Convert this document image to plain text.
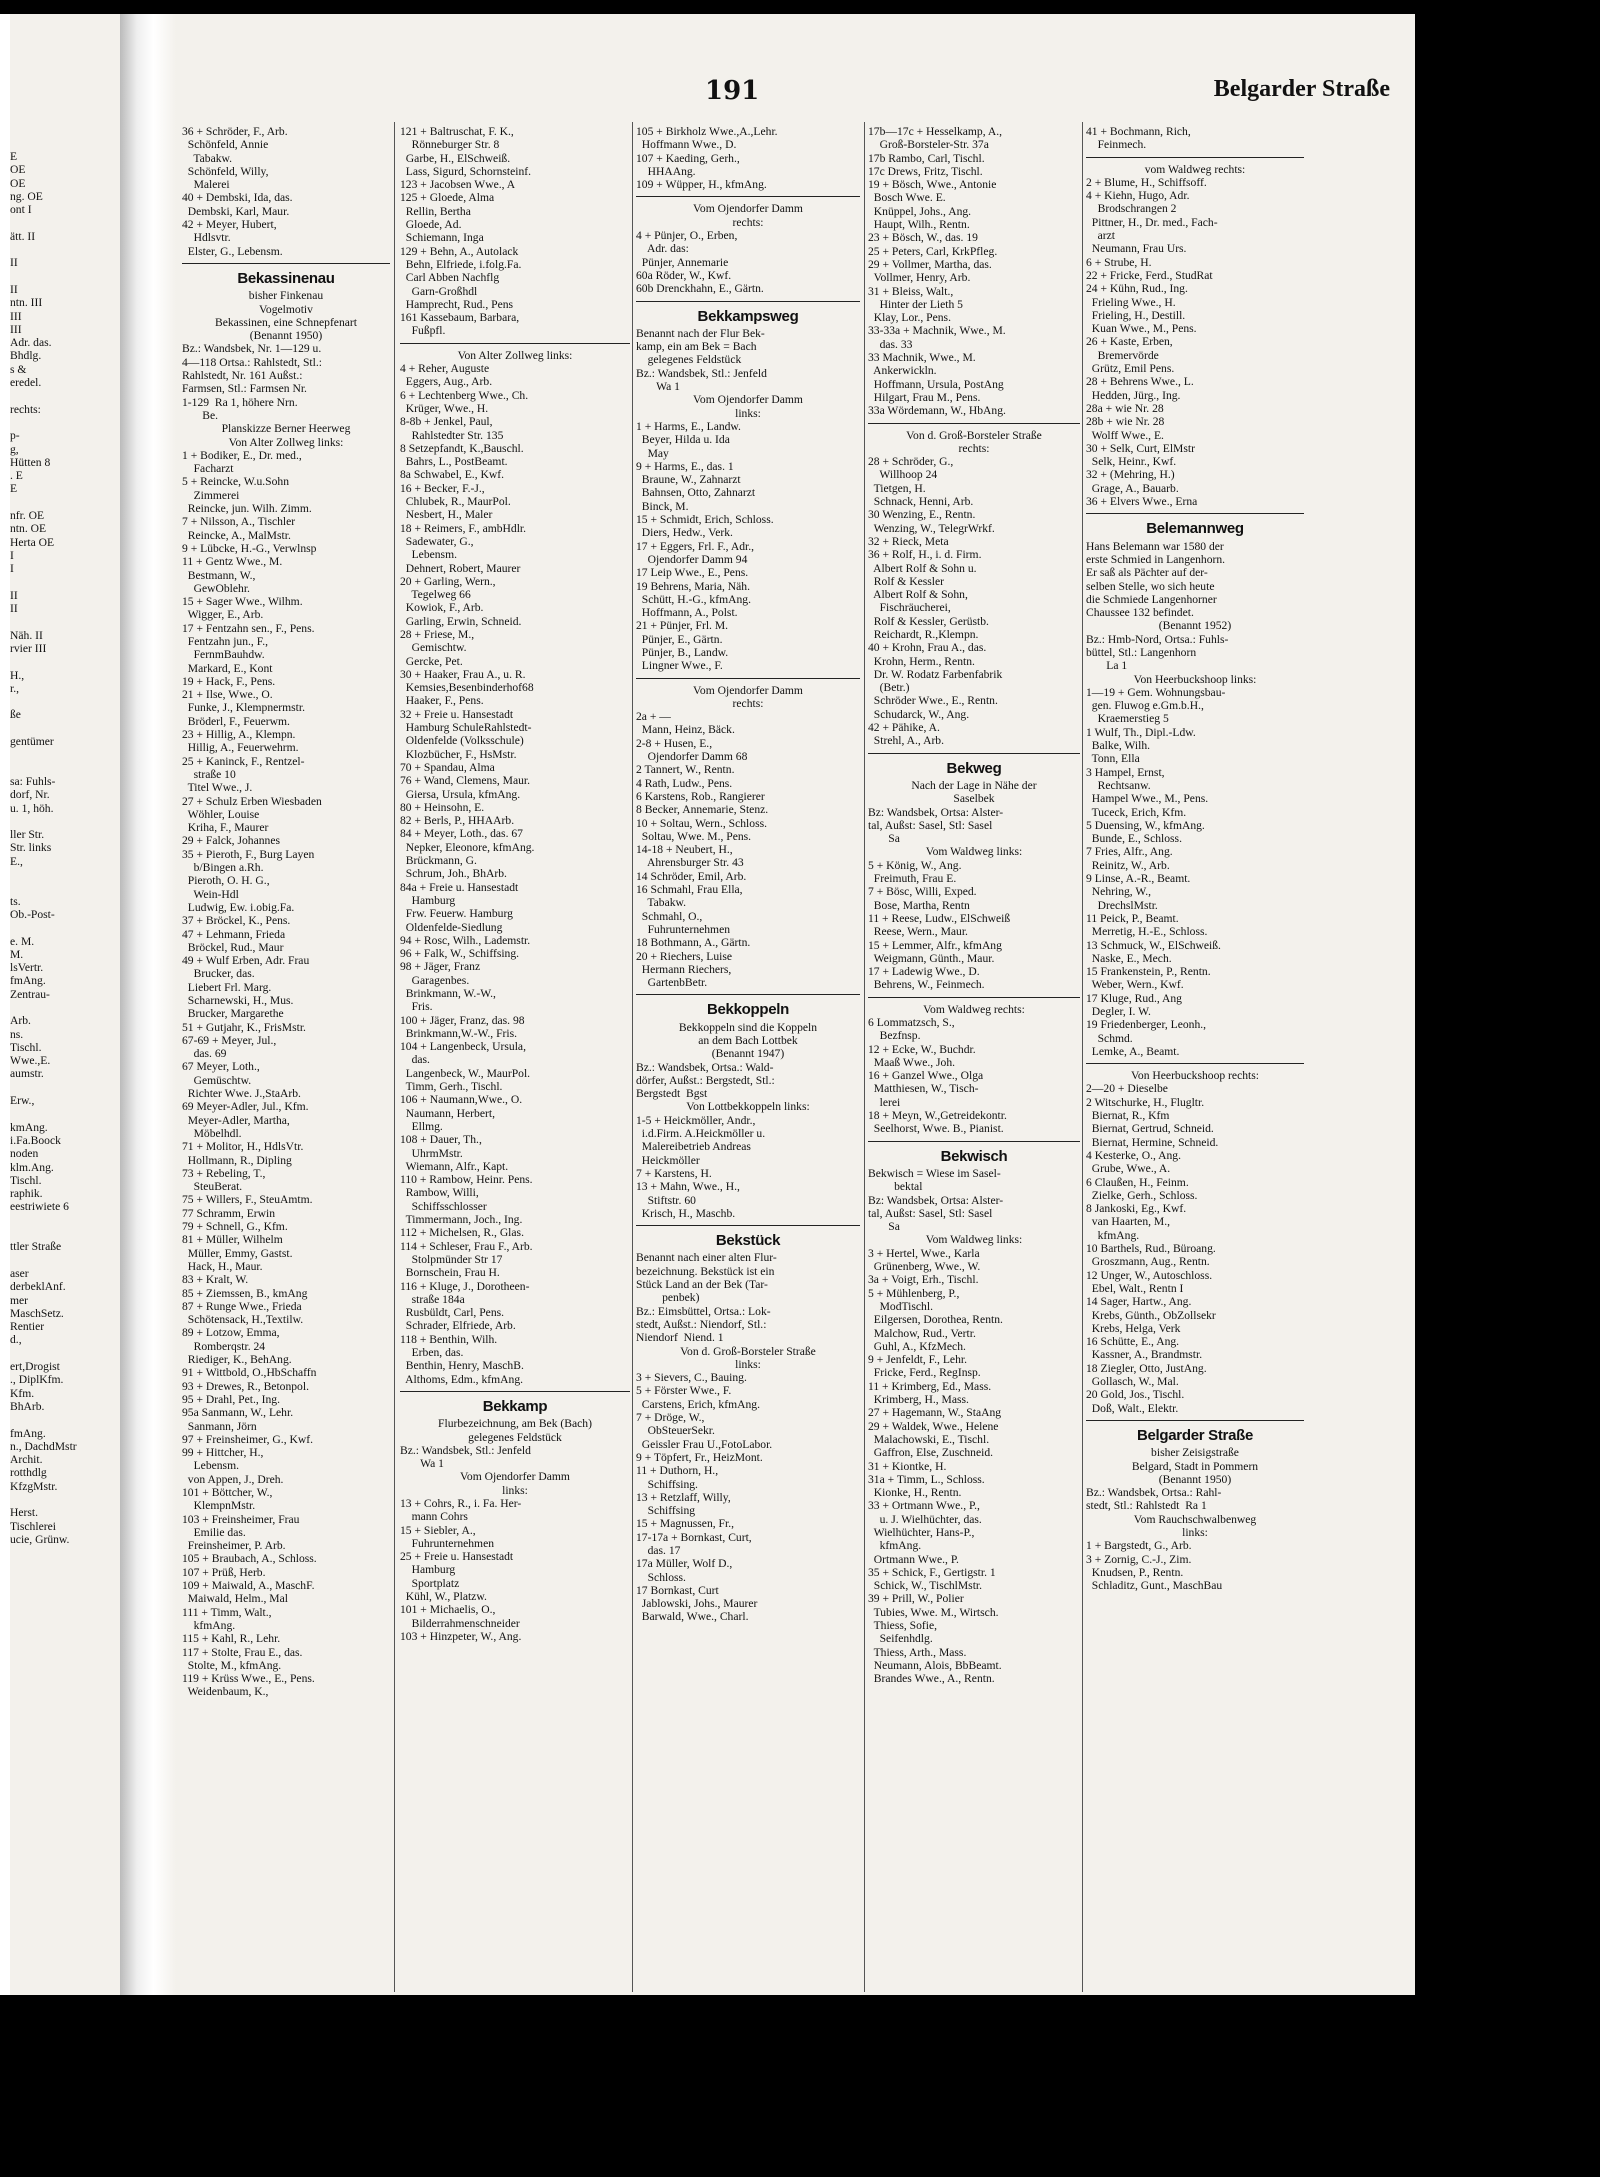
191	Belgarder Straße
E
OE
OE
ng. OE
ont I

ätt. II

II

II
ntn. III
III
III
Adr. das.
Bhdlg.
s &
eredel.

rechts:

p-
g,
Hütten 8
. E
E

nfr. OE
ntn. OE
Herta OE
I
I

II
II

Näh. II
rvier III

H.,
r.,

ße

gentümer

sa: Fuhls-
dorf, Nr.
u. 1, höh.

ller Str.
Str. links
E.,

ts.
Ob.-Post-

e. M.
M.
lsVertr.
fmAng.
Zentrau-

Arb.
ns.
Tischl.
Wwe.,E.
aumstr.

Erw.,

kmAng.
i.Fa.Boock
noden
klm.Ang.
Tischl.
raphik.
eestriwiete 6

ttler Straße

aser
derbeklAnf.
mer
MaschSetz.
Rentier
d.,

ert,Drogist
., DiplKfm.
Kfm.
BhArb.

fmAng.
n., DachdMstr
Archit.
rotthdlg
KfzgMstr.

Herst.
Tischlerei
ucie, Grünw.
36 + Schröder, F., Arb.
Schönfeld, Annie
Tabakw.
Schönfeld, Willy,
Malerei
40 + Dembski, Ida, das.
Dembski, Karl, Maur.
42 + Meyer, Hubert,
Hdlsvtr.
Elster, G., Lebensm.
Bekassinenau
bisher Finkenau
Vogelmotiv
Bekassinen, eine Schnepfenart
(Benannt 1950)
Bz.: Wandsbek, Nr. 1—129 u.
4—118 Ortsa.: Rahlstedt, Stl.:
Rahlstedt, Nr. 161 Außst.:
Farmsen, Stl.: Farmsen Nr.
1-129  Ra 1, höhere Nrn.
Be.
Planskizze Berner Heerweg
Von Alter Zollweg links:
1 + Bodiker, E., Dr. med.,
Facharzt
5 + Reincke, W.u.Sohn
Zimmerei
Reincke, jun. Wilh. Zimm.
7 + Nilsson, A., Tischler
Reincke, A., MalMstr.
9 + Lübcke, H.-G., Verwlnsp
11 + Gentz Wwe., M.
Bestmann, W.,
GewOblehr.
15 + Sager Wwe., Wilhm.
Wigger, E., Arb.
17 + Fentzahn sen., F., Pens.
Fentzahn jun., F.,
FernmBauhdw.
Markard, E., Kont
19 + Hack, F., Pens.
21 + Ilse, Wwe., O.
Funke, J., Klempnermstr.
Bröderl, F., Feuerwm.
23 + Hillig, A., Klempn.
Hillig, A., Feuerwehrm.
25 + Kaninck, F., Rentzel-
straße 10
Titel Wwe., J.
27 + Schulz Erben Wiesbaden
Wöhler, Louise
Kriha, F., Maurer
29 + Falck, Johannes
35 + Pieroth, F., Burg Layen
b/Bingen a.Rh.
Pieroth, O. H. G.,
Wein-Hdl
Ludwig, Ew. i.obig.Fa.
37 + Bröckel, K., Pens.
47 + Lehmann, Frieda
Bröckel, Rud., Maur
49 + Wulf Erben, Adr. Frau
Brucker, das.
Liebert Frl. Marg.
Scharnewski, H., Mus.
Brucker, Margarethe
51 + Gutjahr, K., FrisMstr.
67-69 + Meyer, Jul.,
das. 69
67 Meyer, Loth.,
Gemüschtw.
Richter Wwe. J.,StaArb.
69 Meyer-Adler, Jul., Kfm.
Meyer-Adler, Martha,
Möbelhdl.
71 + Molitor, H., HdlsVtr.
Hollmann, R., Dipling
73 + Rebeling, T.,
SteuBerat.
75 + Willers, F., SteuAmtm.
77 Schramm, Erwin
79 + Schnell, G., Kfm.
81 + Müller, Wilhelm
Müller, Emmy, Gastst.
Hack, H., Maur.
83 + Kralt, W.
85 + Ziemssen, B., kmAng
87 + Runge Wwe., Frieda
Schötensack, H.,Textilw.
89 + Lotzow, Emma,
Romberqstr. 24
Riediger, K., BehAng.
91 + Wittbold, O.,HbSchaffn
93 + Drewes, R., Betonpol.
95 + Drahl, Pet., Ing.
95a Sanmann, W., Lehr.
Sanmann, Jörn
97 + Freinsheimer, G., Kwf.
99 + Hittcher, H.,
Lebensm.
von Appen, J., Dreh.
101 + Böttcher, W.,
KlempnMstr.
103 + Freinsheimer, Frau
Emilie das.
Freinsheimer, P. Arb.
105 + Braubach, A., Schloss.
107 + Prüß, Herb.
109 + Maiwald, A., MaschF.
Maiwald, Helm., Mal
111 + Timm, Walt.,
kfmAng.
115 + Kahl, R., Lehr.
117 + Stolte, Frau E., das.
Stolte, M., kfmAng.
119 + Krüss Wwe., E., Pens.
Weidenbaum, K.,
121 + Baltruschat, F. K.,
Rönneburger Str. 8
Garbe, H., ElSchweiß.
Lass, Sigurd, Schornsteinf.
123 + Jacobsen Wwe., A
125 + Gloede, Alma
Rellin, Bertha
Gloede, Ad.
Schiemann, Inga
129 + Behn, A., Autolack
Behn, Elfriede, i.folg.Fa.
Carl Abben Nachflg
Garn-Großhdl
Hamprecht, Rud., Pens
161 Kassebaum, Barbara,
Fußpfl.
Von Alter Zollweg links:
4 + Reher, Auguste
Eggers, Aug., Arb.
6 + Lechtenberg Wwe., Ch.
Krüger, Wwe., H.
8-8b + Jenkel, Paul,
Rahlstedter Str. 135
8 Setzepfandt, K.,Bauschl.
Bahrs, L., PostBeamt.
8a Schwabel, E., Kwf.
16 + Becker, F.-J.,
Chlubek, R., MaurPol.
Nesbert, H., Maler
18 + Reimers, F., ambHdlr.
Sadewater, G.,
Lebensm.
Dehnert, Robert, Maurer
20 + Garling, Wern.,
Tegelweg 66
Kowiok, F., Arb.
Garling, Erwin, Schneid.
28 + Friese, M.,
Gemischtw.
Gercke, Pet.
30 + Haaker, Frau A., u. R.
Kemsies,Besenbinderhof68
Haaker, F., Pens.
32 + Freie u. Hansestadt
Hamburg SchuleRahlstedt-
Oldenfelde (Volksschule)
Klozbücher, F., HsMstr.
70 + Spandau, Alma
76 + Wand, Clemens, Maur.
Giersa, Ursula, kfmAng.
80 + Heinsohn, E.
82 + Berls, P., HHAArb.
84 + Meyer, Loth., das. 67
Nepker, Eleonore, kfmAng.
Brückmann, G.
Schrum, Joh., BhArb.
84a + Freie u. Hansestadt
Hamburg
Frw. Feuerw. Hamburg
Oldenfelde-Siedlung
94 + Rosc, Wilh., Lademstr.
96 + Falk, W., Schiffsing.
98 + Jäger, Franz
Garagenbes.
Brinkmann, W.-W.,
Fris.
100 + Jäger, Franz, das. 98
Brinkmann,W.-W., Fris.
104 + Langenbeck, Ursula,
das.
Langenbeck, W., MaurPol.
Timm, Gerh., Tischl.
106 + Naumann,Wwe., O.
Naumann, Herbert,
Ellmg.
108 + Dauer, Th.,
UhrmMstr.
Wiemann, Alfr., Kapt.
110 + Rambow, Heinr. Pens.
Rambow, Willi,
Schiffsschlosser
Timmermann, Joch., Ing.
112 + Michelsen, R., Glas.
114 + Schleser, Frau F., Arb.
Stolpmünder Str 17
Bornschein, Frau H.
116 + Kluge, J., Dorotheen-
straße 184a
Rusbüldt, Carl, Pens.
Schrader, Elfriede, Arb.
118 + Benthin, Wilh.
Erben, das.
Benthin, Henry, MaschB.
Althoms, Edm., kfmAng.
Bekkamp
Flurbezeichnung, am Bek (Bach)
gelegenes Feldstück
Bz.: Wandsbek, Stl.: Jenfeld
Wa 1
Vom Ojendorfer Damm
links:
13 + Cohrs, R., i. Fa. Her-
mann Cohrs
15 + Siebler, A.,
Fuhrunternehmen
25 + Freie u. Hansestadt
Hamburg
Sportplatz
Kühl, W., Platzw.
101 + Michaelis, O.,
Bilderrahmenschneider
103 + Hinzpeter, W., Ang.
105 + Birkholz Wwe.,A.,Lehr.
Hoffmann Wwe., D.
107 + Kaeding, Gerh.,
HHAAng.
109 + Wüpper, H., kfmAng.
Vom Ojendorfer Damm
rechts:
4 + Pünjer, O., Erben,
Adr. das:
Pünjer, Annemarie
60a Röder, W., Kwf.
60b Drenckhahn, E., Gärtn.
Bekkampsweg
Benannt nach der Flur Bek-
kamp, ein am Bek = Bach
gelegenes Feldstück
Bz.: Wandsbek, Stl.: Jenfeld
Wa 1
Vom Ojendorfer Damm
links:
1 + Harms, E., Landw.
Beyer, Hilda u. Ida
May
9 + Harms, E., das. 1
Braune, W., Zahnarzt
Bahnsen, Otto, Zahnarzt
Binck, M.
15 + Schmidt, Erich, Schloss.
Diers, Hedw., Verk.
17 + Eggers, Frl. F., Adr.,
Ojendorfer Damm 94
17 Leip Wwe., E., Pens.
19 Behrens, Maria, Näh.
Schütt, H.-G., kfmAng.
Hoffmann, A., Polst.
21 + Pünjer, Frl. M.
Pünjer, E., Gärtn.
Pünjer, B., Landw.
Lingner Wwe., F.
Vom Ojendorfer Damm
rechts:
2a + —
Mann, Heinz, Bäck.
2-8 + Husen, E.,
Ojendorfer Damm 68
2 Tannert, W., Rentn.
4 Rath, Ludw., Pens.
6 Karstens, Rob., Rangierer
8 Becker, Annemarie, Stenz.
10 + Soltau, Wern., Schloss.
Soltau, Wwe. M., Pens.
14-18 + Neubert, H.,
Ahrensburger Str. 43
14 Schröder, Emil, Arb.
16 Schmahl, Frau Ella,
Tabakw.
Schmahl, O.,
Fuhrunternehmen
18 Bothmann, A., Gärtn.
20 + Riechers, Luise
Hermann Riechers,
GartenbBetr.
Bekkoppeln
Bekkoppeln sind die Koppeln
an dem Bach Lottbek
(Benannt 1947)
Bz.: Wandsbek, Ortsa.: Wald-
dörfer, Außst.: Bergstedt, Stl.:
Bergstedt  Bgst
Von Lottbekkoppeln links:
1-5 + Heickmöller, Andr.,
i.d.Firm. A.Heickmöller u.
Malereibetrieb Andreas
Heickmöller
7 + Karstens, H.
13 + Mahn, Wwe., H.,
Stiftstr. 60
Krisch, H., Maschb.
Bekstück
Benannt nach einer alten Flur-
bezeichnung. Bekstück ist ein
Stück Land an der Bek (Tar-
penbek)
Bz.: Eimsbüttel, Ortsa.: Lok-
stedt, Außst.: Niendorf, Stl.:
Niendorf  Niend. 1
Von d. Groß-Borsteler Straße
links:
3 + Sievers, C., Bauing.
5 + Förster Wwe., F.
Carstens, Erich, kfmAng.
7 + Dröge, W.,
ObSteuerSekr.
Geissler Frau U.,FotoLabor.
9 + Töpfert, Fr., HeizMont.
11 + Duthorn, H.,
Schiffsing.
13 + Retzlaff, Willy,
Schiffsing
15 + Magnussen, Fr.,
17-17a + Bornkast, Curt,
das. 17
17a Müller, Wolf D.,
Schloss.
17 Bornkast, Curt
Jablowski, Johs., Maurer
Barwald, Wwe., Charl.
17b—17c + Hesselkamp, A.,
Groß-Borsteler-Str. 37a
17b Rambo, Carl, Tischl.
17c Drews, Fritz, Tischl.
19 + Bösch, Wwe., Antonie
Bosch Wwe. E.
Knüppel, Johs., Ang.
Haupt, Wilh., Rentn.
23 + Bösch, W., das. 19
25 + Peters, Carl, KrkPfleg.
29 + Vollmer, Martha, das.
Vollmer, Henry, Arb.
31 + Bleiss, Walt.,
Hinter der Lieth 5
Klay, Lor., Pens.
33-33a + Machnik, Wwe., M.
das. 33
33 Machnik, Wwe., M.
Ankerwickln.
Hoffmann, Ursula, PostAng
Hilgart, Frau M., Pens.
33a Wördemann, W., HbAng.
Von d. Groß-Borsteler Straße
rechts:
28 + Schröder, G.,
Willhoop 24
Tietgen, H.
Schnack, Henni, Arb.
30 Wenzing, E., Rentn.
Wenzing, W., TelegrWrkf.
32 + Rieck, Meta
36 + Rolf, H., i. d. Firm.
Albert Rolf & Sohn u.
Rolf & Kessler
Albert Rolf & Sohn,
Fischräucherei,
Rolf & Kessler, Gerüstb.
Reichardt, R.,Klempn.
40 + Krohn, Frau A., das.
Krohn, Herm., Rentn.
Dr. W. Rodatz Farbenfabrik
(Betr.)
Schröder Wwe., E., Rentn.
Schudarck, W., Ang.
42 + Pähike, A.
Strehl, A., Arb.
Bekweg
Nach der Lage in Nähe der
Saselbek
Bz: Wandsbek, Ortsa: Alster-
tal, Außst: Sasel, Stl: Sasel
Sa
Vom Waldweg links:
5 + König, W., Ang.
Freimuth, Frau E.
7 + Bösc, Willi, Exped.
Bose, Martha, Rentn
11 + Reese, Ludw., ElSchweiß
Reese, Wern., Maur.
15 + Lemmer, Alfr., kfmAng
Weigmann, Günth., Maur.
17 + Ladewig Wwe., D.
Behrens, W., Feinmech.
Vom Waldweg rechts:
6 Lommatzsch, S.,
Bezfnsp.
12 + Ecke, W., Buchdr.
Maaß Wwe., Joh.
16 + Ganzel Wwe., Olga
Matthiesen, W., Tisch-
lerei
18 + Meyn, W.,Getreidekontr.
Seelhorst, Wwe. B., Pianist.
Bekwisch
Bekwisch = Wiese im Sasel-
bektal
Bz: Wandsbek, Ortsa: Alster-
tal, Außst: Sasel, Stl: Sasel
Sa
Vom Waldweg links:
3 + Hertel, Wwe., Karla
Grünenberg, Wwe., W.
3a + Voigt, Erh., Tischl.
5 + Mühlenberg, P.,
ModTischl.
Eilgersen, Dorothea, Rentn.
Malchow, Rud., Vertr.
Guhl, A., KfzMech.
9 + Jenfeldt, F., Lehr.
Fricke, Ferd., RegInsp.
11 + Krimberg, Ed., Mass.
Krimberg, H., Mass.
27 + Hagemann, W., StaAng
29 + Waldek, Wwe., Helene
Malachowski, E., Tischl.
Gaffron, Else, Zuschneid.
31 + Kiontke, H.
31a + Timm, L., Schloss.
Kionke, H., Rentn.
33 + Ortmann Wwe., P.,
u. J. Wielhüchter, das.
Wielhüchter, Hans-P.,
kfmAng.
Ortmann Wwe., P.
35 + Schick, F., Gertigstr. 1
Schick, W., TischlMstr.
39 + Prill, W., Polier
Tubies, Wwe. M., Wirtsch.
Thiess, Sofie,
Seifenhdlg.
Thiess, Arth., Mass.
Neumann, Alois, BbBeamt.
Brandes Wwe., A., Rentn.
41 + Bochmann, Rich,
Feinmech.
vom Waldweg rechts:
2 + Blume, H., Schiffsoff.
4 + Kiehn, Hugo, Adr.
Brodschrangen 2
Pittner, H., Dr. med., Fach-
arzt
Neumann, Frau Urs.
6 + Strube, H.
22 + Fricke, Ferd., StudRat
24 + Kühn, Rud., Ing.
Frieling Wwe., H.
Frieling, H., Destill.
Kuan Wwe., M., Pens.
26 + Kaste, Erben,
Bremervörde
Grütz, Emil Pens.
28 + Behrens Wwe., L.
Hedden, Jürg., Ing.
28a + wie Nr. 28
28b + wie Nr. 28
Wolff Wwe., E.
30 + Selk, Curt, ElMstr
Selk, Heinr., Kwf.
32 + (Mehring, H.)
Grage, A., Bauarb.
36 + Elvers Wwe., Erna
Belemannweg
Hans Belemann war 1580 der
erste Schmied in Langenhorn.
Er saß als Pächter auf der-
selben Stelle, wo sich heute
die Schmiede Langenhorner
Chaussee 132 befindet.
(Benannt 1952)
Bz.: Hmb-Nord, Ortsa.: Fuhls-
büttel, Stl.: Langenhorn
La 1
Von Heerbuckshoop links:
1—19 + Gem. Wohnungsbau-
gen. Fluwog e.Gm.b.H.,
Kraemerstieg 5
1 Wulf, Th., Dipl.-Ldw.
Balke, Wilh.
Tonn, Ella
3 Hampel, Ernst,
Rechtsanw.
Hampel Wwe., M., Pens.
Tuceck, Erich, Kfm.
5 Duensing, W., kfmAng.
Bunde, E., Schloss.
7 Fries, Alfr., Ang.
Reinitz, W., Arb.
9 Linse, A.-R., Beamt.
Nehring, W.,
DrechslMstr.
11 Peick, P., Beamt.
Merretig, H.-E., Schloss.
13 Schmuck, W., ElSchweiß.
Naske, E., Mech.
15 Frankenstein, P., Rentn.
Weber, Wern., Kwf.
17 Kluge, Rud., Ang
Degler, I. W.
19 Friedenberger, Leonh.,
Schmd.
Lemke, A., Beamt.
Von Heerbuckshoop rechts:
2—20 + Dieselbe
2 Witschurke, H., Flugltr.
Biernat, R., Kfm
Biernat, Gertrud, Schneid.
Biernat, Hermine, Schneid.
4 Kesterke, O., Ang.
Grube, Wwe., A.
6 Claußen, H., Feinm.
Zielke, Gerh., Schloss.
8 Jankoski, Eg., Kwf.
van Haarten, M.,
kfmAng.
10 Barthels, Rud., Büroang.
Groszmann, Aug., Rentn.
12 Unger, W., Autoschloss.
Ebel, Walt., Rentn I
14 Sager, Hartw., Ang.
Krebs, Günth., ObZollsekr
Krebs, Helga, Verk
16 Schütte, E., Ang.
Kassner, A., Brandmstr.
18 Ziegler, Otto, JustAng.
Gollasch, W., Mal.
20 Gold, Jos., Tischl.
Doß, Walt., Elektr.
Belgarder Straße
bisher Zeisigstraße
Belgard, Stadt in Pommern
(Benannt 1950)
Bz.: Wandsbek, Ortsa.: Rahl-
stedt, Stl.: Rahlstedt  Ra 1
Vom Rauchschwalbenweg
links:
1 + Bargstedt, G., Arb.
3 + Zornig, C.-J., Zim.
Knudsen, P., Rentn.
Schladitz, Gunt., MaschBau
